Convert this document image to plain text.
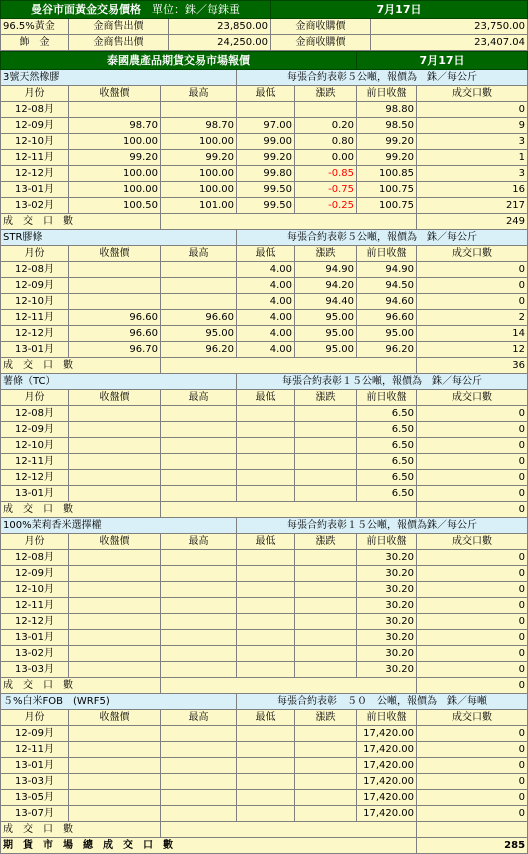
曼谷市面黃金交易價格　 單位：銖／每銖重			7月17日	
96.5%黃金	金商售出價	23,850.00	金商收購價	23,750.00
飾　金	金商售出價	24,250.00	金商收購價	23,407.04
泰國農產品期貨交易市場報價					7月17日	
3號天然橡膠			每張合約表彰５公噸，報價為　銖／每公斤			
月份	收盤價	最高	最低	漲跌	前日收盤	成交口數
12-08月					98.80	0
12-09月	98.70	98.70	97.00	0.20	98.50	9
12-10月	100.00	100.00	99.00	0.80	99.20	3
12-11月	99.20	99.20	99.20	0.00	99.20	1
12-12月	100.00	100.00	99.80	-0.85	100.85	3
13-01月	100.00	100.00	99.50	-0.75	100.75	16
13-02月	100.50	101.00	99.50	-0.25	100.75	217
成　交　口　數						249
STR膠條			每張合約表彰５公噸，報價為　銖／每公斤			
月份	收盤價	最高	最低	漲跌	前日收盤	成交口數
12-08月			4.00	94.90	94.90	0
12-09月			4.00	94.20	94.50	0
12-10月			4.00	94.40	94.60	0
12-11月	96.60	96.60	4.00	95.00	96.60	2
12-12月	96.60	95.00	4.00	95.00	95.00	14
13-01月	96.70	96.20	4.00	95.00	96.20	12
成　交　口　數						36
薯條（TC）			每張合約表彰１５公噸，報價為　銖／每公斤			
月份	收盤價	最高	最低	漲跌	前日收盤	成交口數
12-08月					6.50	0
12-09月					6.50	0
12-10月					6.50	0
12-11月					6.50	0
12-12月					6.50	0
13-01月					6.50	0
成　交　口　數						0
100%茉莉香米選擇權			每張合約表彰１５公噸，報價為銖／每公斤			
月份	收盤價	最高	最低	漲跌	前日收盤	成交口數
12-08月					30.20	0
12-09月					30.20	0
12-10月					30.20	0
12-11月					30.20	0
12-12月					30.20	0
13-01月					30.20	0
13-02月					30.20	0
13-03月					30.20	0
成　交　口　數						0
５%白米FOB　(WRF5)			每張合約表彰　５０　公噸，報價為　銖／每噸			
月份	收盤價	最高	最低	漲跌	前日收盤	成交口數
12-09月					17,420.00	0
12-11月					17,420.00	0
13-01月					17,420.00	0
13-03月					17,420.00	0
13-05月					17,420.00	0
13-07月					17,420.00	0
成　交　口　數						
期　貨　市　場　總　成　交　口　數						285
